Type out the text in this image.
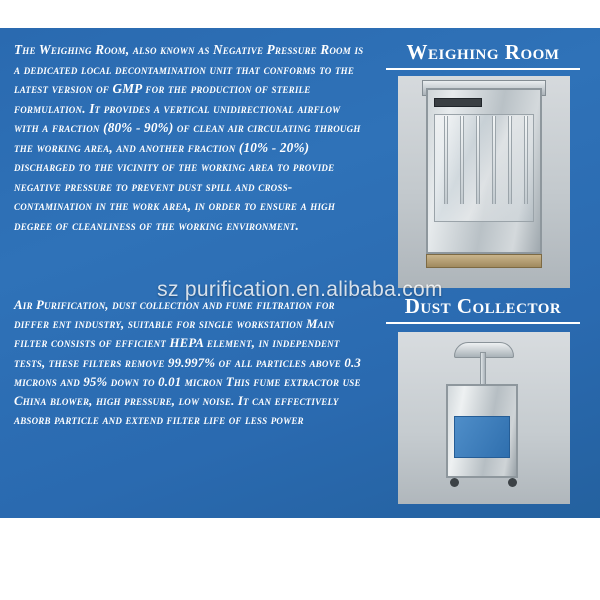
The Weighing Room, also known as Negative Pressure Room is a dedicated local decontamination unit that conforms to the latest version of GMP for the production of sterile formulation. It provides a vertical unidirectional airflow with a fraction (80% - 90%) of clean air circulating through the working area, and another fraction (10% - 20%) discharged to the vicinity of the working area to provide negative pressure to prevent dust spill and cross-contamination in the work area, in order to ensure a high degree of cleanliness of the working environment.
Weighing Room
Air Purification, dust collection and fume filtration for differ ent industry, suitable for single workstation Main filter consists of efficient HEPA element, in independent tests, these filters remove 99.997% of all particles above 0.3 microns and 95% down to 0.01 micron This fume extractor use China blower, high pressure, low noise. It can effectively absorb particle and extend filter life of less power
Dust Collector
sz purification.en.alibaba.com
